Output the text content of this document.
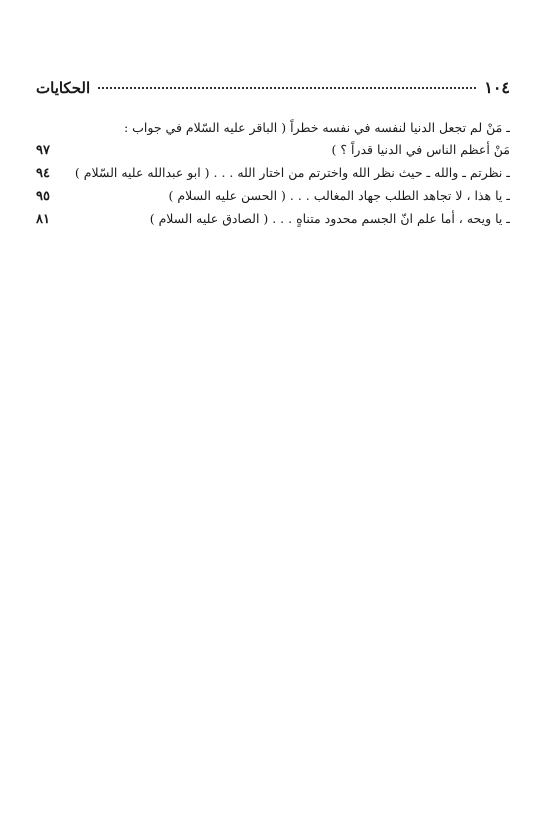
١٠٤
الحكايات
ـ مَنْ لم تجعل الدنيا لنفسه في نفسه خطراً ( الباقر عليه السّلام في جواب :
مَنْ أعظم الناس في الدنيا قدراً ؟ )
٩٧
ـ نظرتم ـ والله ـ حيث نظر الله واخترتم من اختار الله . . . ( ابو عبدالله عليه السّلام )
٩٤
ـ يا هذا ، لا تجاهد الطلب جهاد المغالب . . . ( الحسن عليه السلام )
٩٥
ـ يا ويحه ، أما علم انّ الجسم محدود متناهٍ . . . ( الصادق عليه السلام )
٨١
